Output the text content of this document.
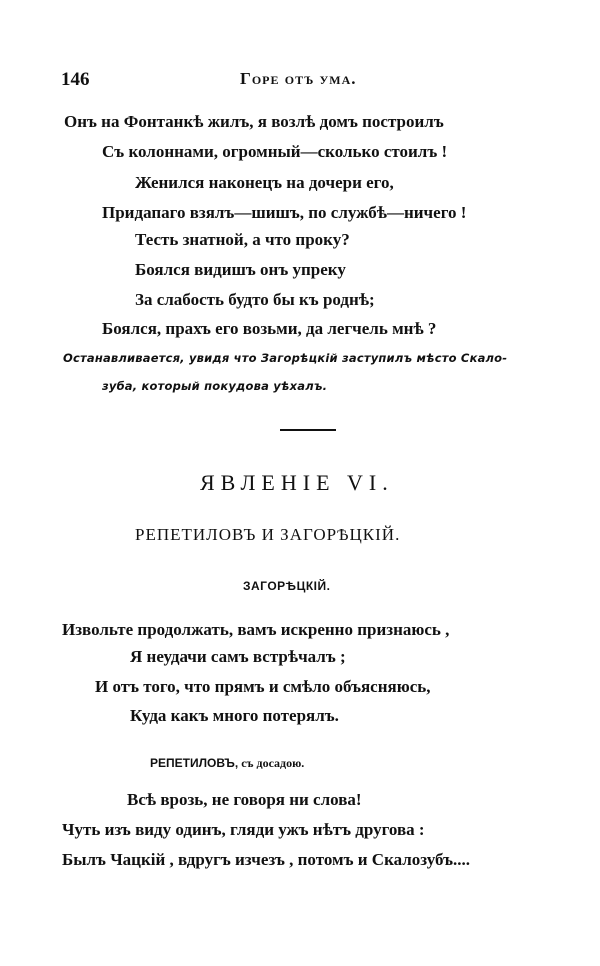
146	Горе отъ ума.
Онъ на Фонтанкѣ жилъ, я возлѣ домъ построилъ
Съ колоннами, огромный—сколько стоилъ !
Женился наконецъ на дочери его,
Придапаго взялъ—шишъ, по службѣ—ничего !
Тесть знатной, а что проку?
Боялся видишъ онъ упреку
За слабость будто бы къ роднѣ;
Боялся, прахъ его возьми, да легчель мнѣ ?
Останавливается, увидя что Загорѣцкій заступилъ мѣсто Скало-
зуба, который покудова уѣхалъ.
ЯВЛЕНІЕ VI.
РЕПЕТИЛОВЪ И ЗАГОРѢЦКІЙ.
ЗАГОРѢЦКІЙ.
Извольте продолжать, вамъ искренно признаюсь ,
Я неудачи самъ встрѣчалъ ;
И отъ того, что прямъ и смѣло объясняюсь,
Куда какъ много потерялъ.
РЕПЕТИЛОВЪ, съ досадою.
Всѣ врозь, не говоря ни слова!
Чуть изъ виду одинъ, гляди ужъ нѣтъ другова :
Былъ Чацкій , вдругъ изчезъ , потомъ и Скалозубъ....
